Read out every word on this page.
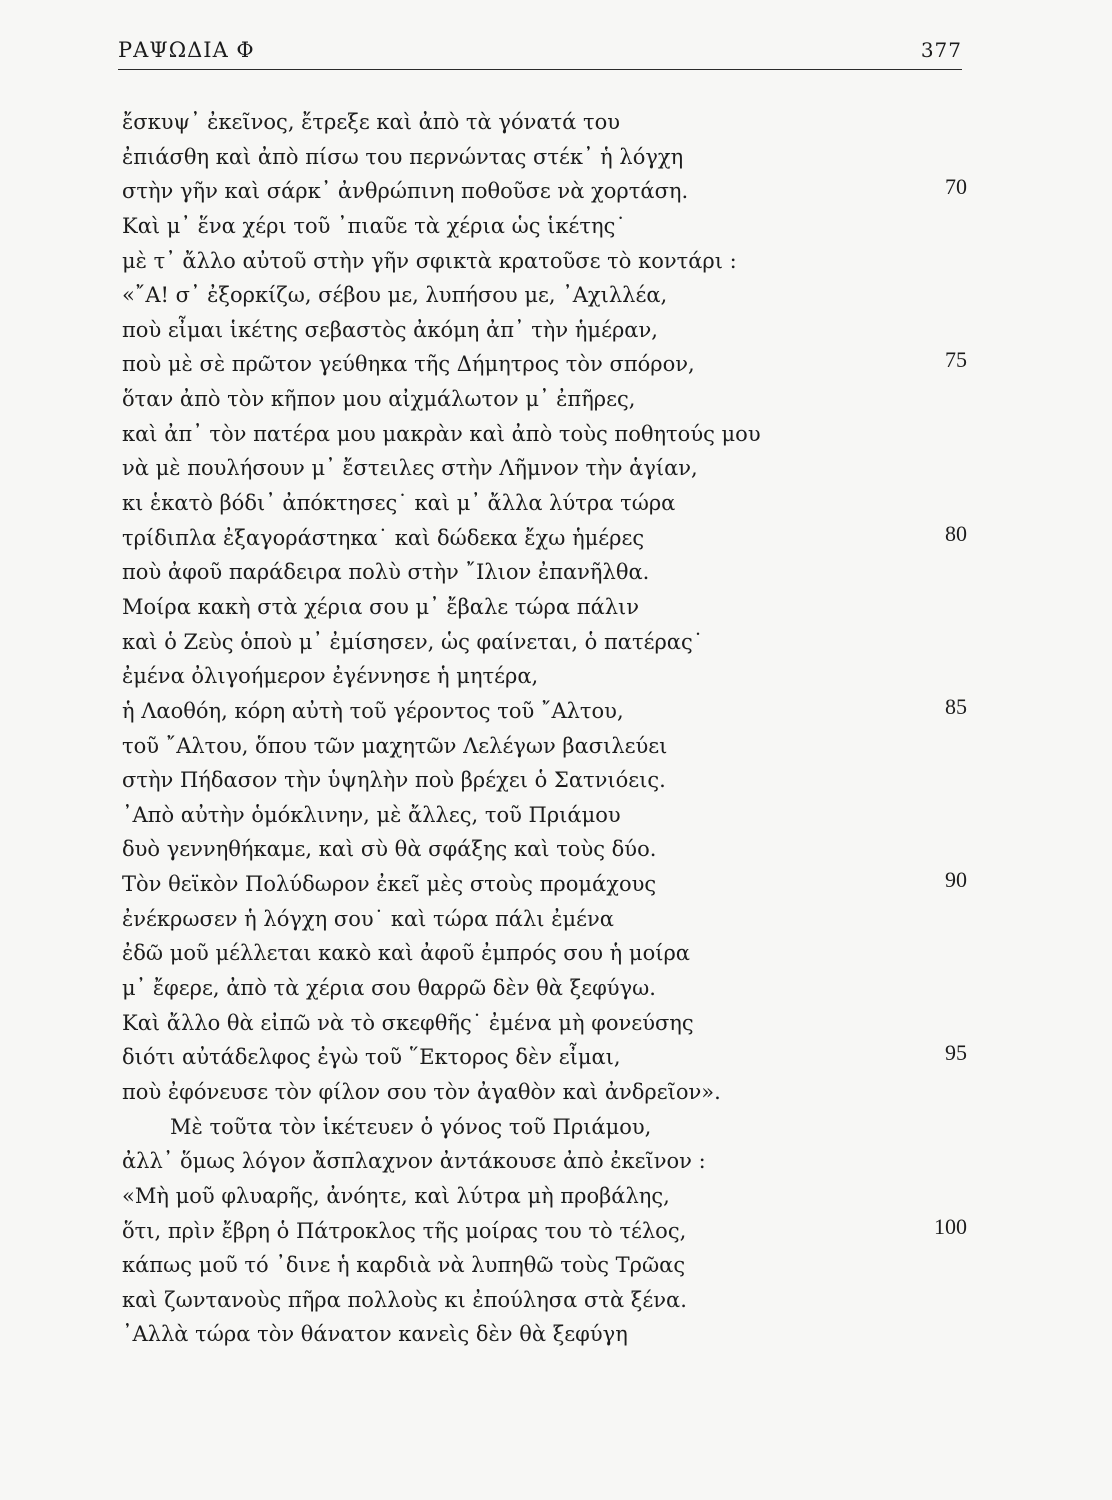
ΡΑΨΩΔΙΑ Φ	377
ἔσκυψ᾽ ἐκεῖνος, ἔτρεξε καὶ ἀπὸ τὰ γόνατά του
ἐπιάσθη καὶ ἀπὸ πίσω του περνώντας στέκ᾽ ἡ λόγχη
στὴν γῆν καὶ σάρκ᾽ ἀνθρώπινη ποθοῦσε νὰ χορτάση.	70
Καὶ μ᾽ ἕνα χέρι τοῦ ᾽πιαῦε τὰ χέρια ὡς ἱκέτης˙
μὲ τ᾽ ἄλλο αὐτοῦ στὴν γῆν σφικτὰ κρατοῦσε τὸ κοντάρι :
«῎Α! σ᾽ ἐξορκίζω, σέβου με, λυπήσου με, ᾽Αχιλλέα,
ποὺ εἶμαι ἱκέτης σεβαστὸς ἀκόμη ἀπ᾽ τὴν ἡμέραν,
ποὺ μὲ σὲ πρῶτον γεύθηκα τῆς Δήμητρος τὸν σπόρον,	75
ὅταν ἀπὸ τὸν κῆπον μου αἰχμάλωτον μ᾽ ἐπῆρες,
καὶ ἀπ᾽ τὸν πατέρα μου μακρὰν καὶ ἀπὸ τοὺς ποθητούς μου
νὰ μὲ πουλήσουν μ᾽ ἔστειλες στὴν Λῆμνον τὴν ἁγίαν,
κι ἑκατὸ βόδι᾽ ἀπόκτησες˙ καὶ μ᾽ ἄλλα λύτρα τώρα
τρίδιπλα ἐξαγοράστηκα˙ καὶ δώδεκα ἔχω ἡμέρες	80
ποὺ ἀφοῦ παράδειρα πολὺ στὴν ῎Ιλιον ἐπανῆλθα.
Μοίρα κακὴ στὰ χέρια σου μ᾽ ἔβαλε τώρα πάλιν
καὶ ὁ Ζεὺς ὁποὺ μ᾽ ἐμίσησεν, ὡς φαίνεται, ὁ πατέρας˙
ἐμένα ὀλιγοήμερον ἐγέννησε ἡ μητέρα,
ἡ Λαοθόη, κόρη αὐτὴ τοῦ γέροντος τοῦ ῎Αλτου,	85
τοῦ ῎Αλτου, ὅπου τῶν μαχητῶν Λελέγων βασιλεύει
στὴν Πήδασον τὴν ὑψηλὴν ποὺ βρέχει ὁ Σατνιόεις.
᾽Απὸ αὐτὴν ὁμόκλινην, μὲ ἄλλες, τοῦ Πριάμου
δυὸ γεννηθήκαμε, καὶ σὺ θὰ σφάξης καὶ τοὺς δύο.
Τὸν θεϊκὸν Πολύδωρον ἐκεῖ μὲς στοὺς προμάχους	90
ἐνέκρωσεν ἡ λόγχη σου˙ καὶ τώρα πάλι ἐμένα
ἐδῶ μοῦ μέλλεται κακὸ καὶ ἀφοῦ ἐμπρός σου ἡ μοίρα
μ᾽ ἔφερε, ἀπὸ τὰ χέρια σου θαρρῶ δὲν θὰ ξεφύγω.
Καὶ ἄλλο θὰ εἰπῶ νὰ τὸ σκεφθῆς˙ ἐμένα μὴ φονεύσης
διότι αὐτάδελφος ἐγὼ τοῦ ῞Εκτορος δὲν εἶμαι,	95
ποὺ ἐφόνευσε τὸν φίλον σου τὸν ἀγαθὸν καὶ ἀνδρεῖον».
Μὲ τοῦτα τὸν ἱκέτευεν ὁ γόνος τοῦ Πριάμου,
ἀλλ᾽ ὅμως λόγον ἄσπλαχνον ἀντάκουσε ἀπὸ ἐκεῖνον :
«Μὴ μοῦ φλυαρῆς, ἀνόητε, καὶ λύτρα μὴ προβάλης,
ὅτι, πρὶν ἔβρη ὁ Πάτροκλος τῆς μοίρας του τὸ τέλος,	100
κάπως μοῦ τό ᾽δινε ἡ καρδιὰ νὰ λυπηθῶ τοὺς Τρῶας
καὶ ζωντανοὺς πῆρα πολλοὺς κι ἐπούλησα στὰ ξένα.
᾽Αλλὰ τώρα τὸν θάνατον κανεὶς δὲν θὰ ξεφύγη
